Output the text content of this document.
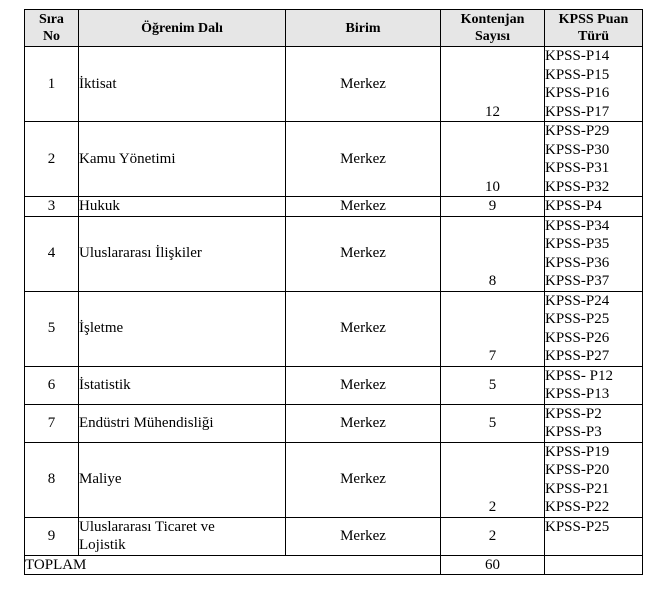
Sıra
No	Öğrenim Dalı	Birim	Kontenjan
Sayısı	KPSS Puan
Türü
1	İktisat	Merkez	12	KPSS-P14
KPSS-P15
KPSS-P16
KPSS-P17

2	Kamu Yönetimi	Merkez	10	KPSS-P29
KPSS-P30
KPSS-P31
KPSS-P32

3	Hukuk	Merkez	9	KPSS-P4

4	Uluslararası İlişkiler	Merkez	8	KPSS-P34
KPSS-P35
KPSS-P36
KPSS-P37

5	İşletme	Merkez	7	KPSS-P24
KPSS-P25
KPSS-P26
KPSS-P27

6	İstatistik	Merkez	5	KPSS- P12
KPSS-P13

7	Endüstri Mühendisliği	Merkez	5	KPSS-P2
KPSS-P3

8	Maliye	Merkez	2	KPSS-P19
KPSS-P20
KPSS-P21
KPSS-P22

9	Uluslararası Ticaret ve
Lojistik	Merkez	2	KPSS-P25

TOPLAM			60	
